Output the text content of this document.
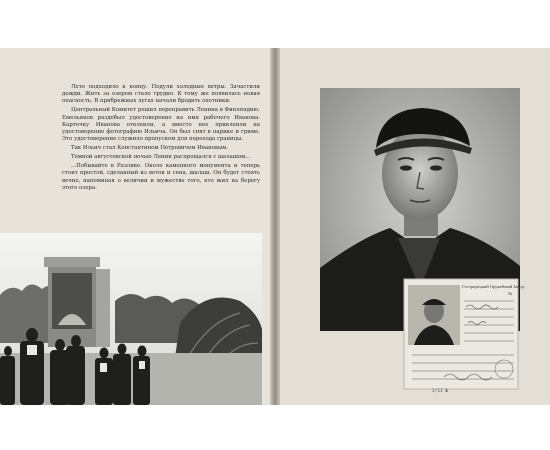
Лето подходило к концу. Подули холодные ветры. Зачастили дожди. Жить за озером стало трудно. К тому же появилась новая опасность. В прибрежных лугах начали бродить охотники.

Центральный Комитет решил переправить Ленина в Финляндию. Емельянов раздобыл удостоверение на имя рабочего Иванова. Карточку Иванова отклеили, а вместо нее приклеили на удостоверение фотографию Ильича. Он был снят в парике и гриме. Это удостоверение служило пропуском для перехода границы.

Так Ильич стал Константином Петровичем Ивановым.

Темной августовской ночью Ленин распрощался с шалашом...

...Побывайте в Разливе. Около каменного монумента и теперь стоит простой, сделанный из веток и сена, шалаш. Он будет стоять вечно, напоминая о величии и мужестве того, кто жил на берегу этого озера.

Сестрорецкий Оружейный Завод.
№
2/11 №
